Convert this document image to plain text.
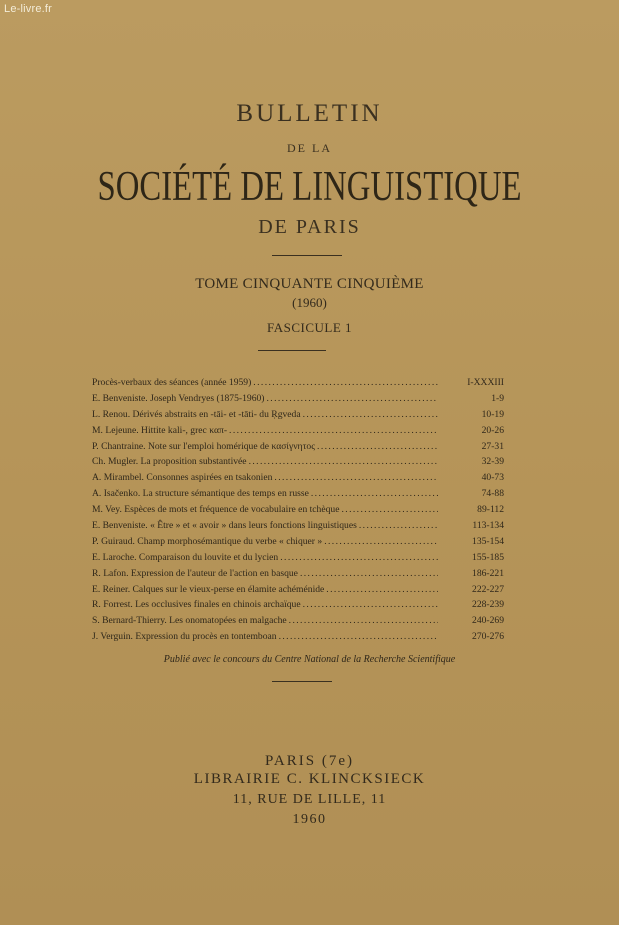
Le-livre.fr
BULLETIN
DE LA
SOCIÉTÉ DE LINGUISTIQUE
DE PARIS
TOME CINQUANTE CINQUIÈME
(1960)
FASCICULE 1
Procès-verbaux des séances (année 1959) .....	I-XXXIII
E. Benveniste. Joseph Vendryes (1875-1960) .....	1-9
L. Renou. Dérivés abstraits en -tāi- et -tāti- du Ṛgveda .....	10-19
M. Lejeune. Hittite kali-, grec καπ- .....	20-26
P. Chantraine. Note sur l'emploi homérique de κασίγνητος .....	27-31
Ch. Mugler. La proposition substantivée .....	32-39
A. Mirambel. Consonnes aspirées en tsakonien .....	40-73
A. Isačenko. La structure sémantique des temps en russe .....	74-88
M. Vey. Espèces de mots et fréquence de vocabulaire en tchèque .....	89-112
E. Benveniste. « Être » et « avoir » dans leurs fonctions linguistiques .....	113-134
P. Guiraud. Champ morphosémantique du verbe « chiquer » .....	135-154
E. Laroche. Comparaison du louvite et du lycien .....	155-185
R. Lafon. Expression de l'auteur de l'action en basque .....	186-221
E. Reiner. Calques sur le vieux-perse en élamite achéménide .....	222-227
R. Forrest. Les occlusives finales en chinois archaïque .....	228-239
S. Bernard-Thierry. Les onomatopées en malgache .....	240-269
J. Verguin. Expression du procès en tontemboan .....	270-276
Publié avec le concours du Centre National de la Recherche Scientifique
PARIS (7e)
LIBRAIRIE C. KLINCKSIECK
11, RUE DE LILLE, 11
1960
